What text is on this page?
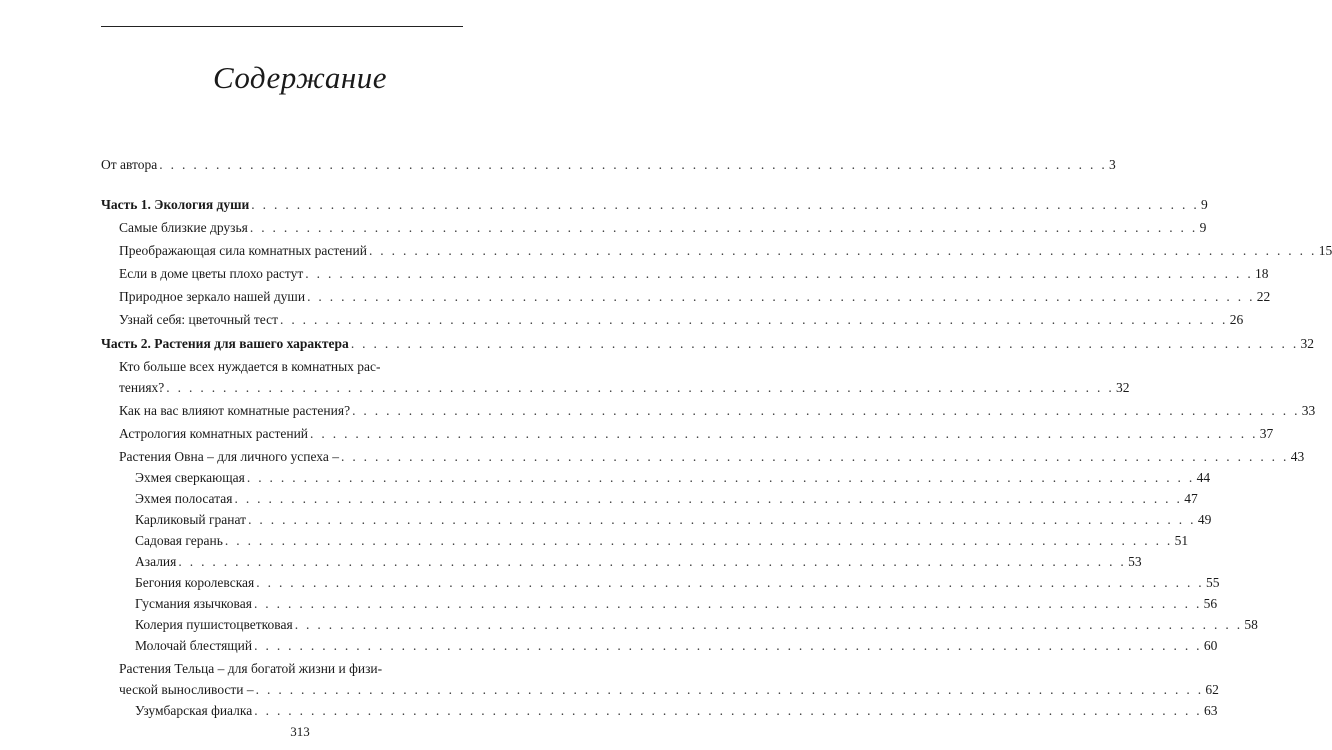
Содержание
От автора . . . . . . . . . . . . . . . . . . . . . . . . . . . . . . . . . . . . . . . . . . . . . . . . . . . . . . . . . . . . . . . . . . . . . . . . . . . . . . . . . . . . 3
Часть 1. Экология души . . . . . . . . . . . . . . . . . . . . . . . . . . . . . . . . . . . . . . . . . . . . . . . . . . . . . . . . . . . . . . . . . . . . . . . . . . . . . . . . . . . . 9
Самые близкие друзья . . . . . . . . . . . . . . . . . . . . . . . . . . . . . . . . . . . . . . . . . . . . . . . . . . . . . . . . . . . . . . . . . . . . . . . . . . . . . . . . . . . . 9
Преображающая сила комнатных растений . . . . . . . . . . . . . . . . . . . . . . . . . . . . . . . . . . . . . . . . . . . . . . . . . . . . . . . . . . . . . . . . . . . . . . . . . . . . . . . . . . . . 15
Если в доме цветы плохо растут . . . . . . . . . . . . . . . . . . . . . . . . . . . . . . . . . . . . . . . . . . . . . . . . . . . . . . . . . . . . . . . . . . . . . . . . . . . . . . . . . . . . 18
Природное зеркало нашей души . . . . . . . . . . . . . . . . . . . . . . . . . . . . . . . . . . . . . . . . . . . . . . . . . . . . . . . . . . . . . . . . . . . . . . . . . . . . . . . . . . . . 22
Узнай себя: цветочный тест . . . . . . . . . . . . . . . . . . . . . . . . . . . . . . . . . . . . . . . . . . . . . . . . . . . . . . . . . . . . . . . . . . . . . . . . . . . . . . . . . . . . 26
Часть 2. Растения для вашего характера . . . . . . . . . . . . . . . . . . . . . . . . . . . . . . . . . . . . . . . . . . . . . . . . . . . . . . . . . . . . . . . . . . . . . . . . . . . . . . . . . . . . 32
Кто больше всех нуждается в комнатных рас-
тениях? . . . . . . . . . . . . . . . . . . . . . . . . . . . . . . . . . . . . . . . . . . . . . . . . . . . . . . . . . . . . . . . . . . . . . . . . . . . . . . . . . . . . 32
Как на вас влияют комнатные растения? . . . . . . . . . . . . . . . . . . . . . . . . . . . . . . . . . . . . . . . . . . . . . . . . . . . . . . . . . . . . . . . . . . . . . . . . . . . . . . . . . . . . 33
Астрология комнатных растений . . . . . . . . . . . . . . . . . . . . . . . . . . . . . . . . . . . . . . . . . . . . . . . . . . . . . . . . . . . . . . . . . . . . . . . . . . . . . . . . . . . . 37
Растения Овна – для личного успеха – . . . . . . . . . . . . . . . . . . . . . . . . . . . . . . . . . . . . . . . . . . . . . . . . . . . . . . . . . . . . . . . . . . . . . . . . . . . . . . . . . . . . 43
Эхмея сверкающая . . . . . . . . . . . . . . . . . . . . . . . . . . . . . . . . . . . . . . . . . . . . . . . . . . . . . . . . . . . . . . . . . . . . . . . . . . . . . . . . . . . . 44
Эхмея полосатая . . . . . . . . . . . . . . . . . . . . . . . . . . . . . . . . . . . . . . . . . . . . . . . . . . . . . . . . . . . . . . . . . . . . . . . . . . . . . . . . . . . . 47
Карликовый гранат . . . . . . . . . . . . . . . . . . . . . . . . . . . . . . . . . . . . . . . . . . . . . . . . . . . . . . . . . . . . . . . . . . . . . . . . . . . . . . . . . . . . 49
Садовая герань . . . . . . . . . . . . . . . . . . . . . . . . . . . . . . . . . . . . . . . . . . . . . . . . . . . . . . . . . . . . . . . . . . . . . . . . . . . . . . . . . . . . 51
Азалия . . . . . . . . . . . . . . . . . . . . . . . . . . . . . . . . . . . . . . . . . . . . . . . . . . . . . . . . . . . . . . . . . . . . . . . . . . . . . . . . . . . . 53
Бегония королевская . . . . . . . . . . . . . . . . . . . . . . . . . . . . . . . . . . . . . . . . . . . . . . . . . . . . . . . . . . . . . . . . . . . . . . . . . . . . . . . . . . . . 55
Гусмания язычковая . . . . . . . . . . . . . . . . . . . . . . . . . . . . . . . . . . . . . . . . . . . . . . . . . . . . . . . . . . . . . . . . . . . . . . . . . . . . . . . . . . . . 56
Колерия пушистоцветковая . . . . . . . . . . . . . . . . . . . . . . . . . . . . . . . . . . . . . . . . . . . . . . . . . . . . . . . . . . . . . . . . . . . . . . . . . . . . . . . . . . . . 58
Молочай блестящий . . . . . . . . . . . . . . . . . . . . . . . . . . . . . . . . . . . . . . . . . . . . . . . . . . . . . . . . . . . . . . . . . . . . . . . . . . . . . . . . . . . . 60
Растения Тельца – для богатой жизни и физи-
ческой выносливости – . . . . . . . . . . . . . . . . . . . . . . . . . . . . . . . . . . . . . . . . . . . . . . . . . . . . . . . . . . . . . . . . . . . . . . . . . . . . . . . . . . . . 62
Узумбарская фиалка . . . . . . . . . . . . . . . . . . . . . . . . . . . . . . . . . . . . . . . . . . . . . . . . . . . . . . . . . . . . . . . . . . . . . . . . . . . . . . . . . . . . 63
313
